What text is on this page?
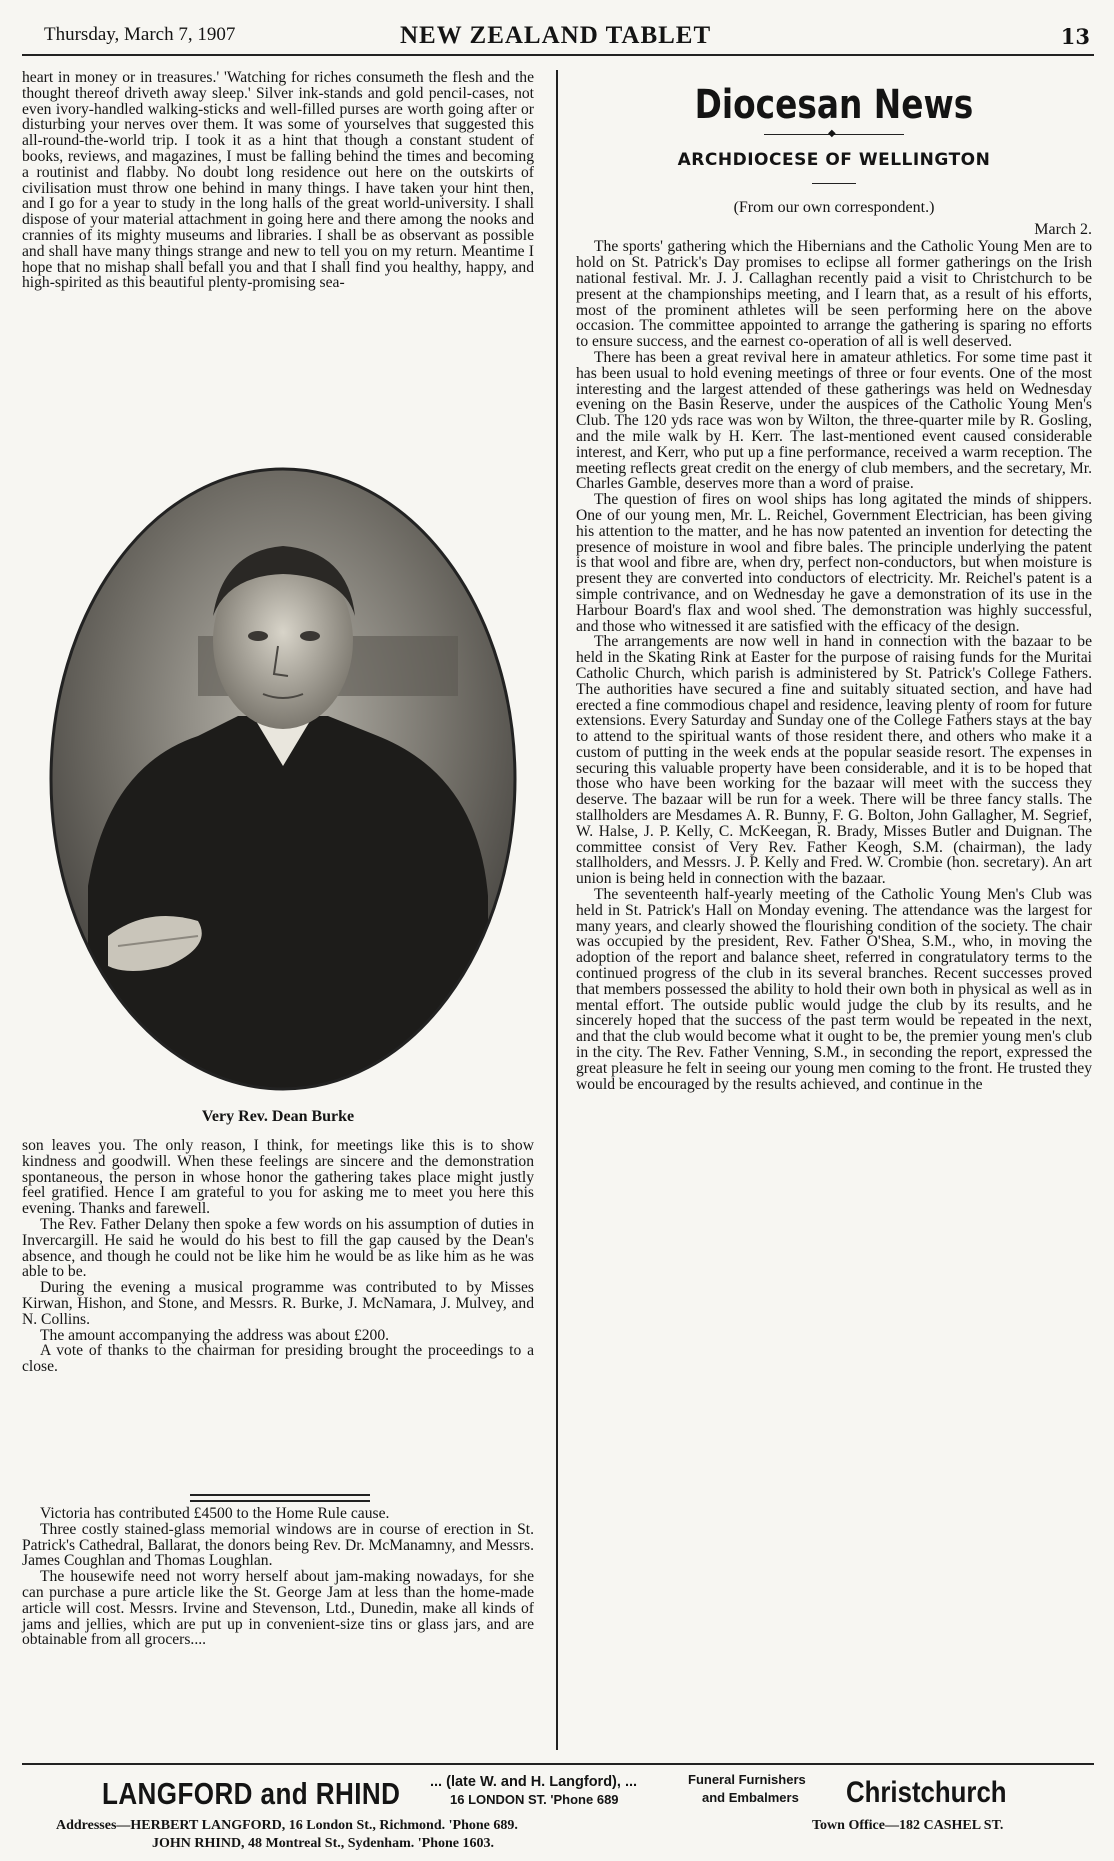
Thursday, March 7, 1907	NEW ZEALAND TABLET	13

heart in money or in treasures.' 'Watching for riches consumeth the flesh and the thought thereof driveth away sleep.' Silver ink-stands and gold pencil-cases, not even ivory-handled walking-sticks and well-filled purses are worth going after or disturbing your nerves over them. It was some of yourselves that suggested this all-round-the-world trip. I took it as a hint that though a constant student of books, reviews, and magazines, I must be falling behind the times and becoming a routinist and flabby. No doubt long residence out here on the outskirts of civilisation must throw one behind in many things. I have taken your hint then, and I go for a year to study in the long halls of the great world-university. I shall dispose of your material attachment in going here and there among the nooks and crannies of its mighty museums and libraries. I shall be as observant as possible and shall have many things strange and new to tell you on my return. Meantime I hope that no mishap shall befall you and that I shall find you healthy, happy, and high-spirited as this beautiful plenty-promising sea-

Very Rev. Dean Burke

son leaves you. The only reason, I think, for meetings like this is to show kindness and goodwill. When these feelings are sincere and the demonstration spontaneous, the person in whose honor the gathering takes place might justly feel gratified. Hence I am grateful to you for asking me to meet you here this evening. Thanks and farewell.

The Rev. Father Delany then spoke a few words on his assumption of duties in Invercargill. He said he would do his best to fill the gap caused by the Dean's absence, and though he could not be like him he would be as like him as he was able to be.

During the evening a musical programme was contributed to by Misses Kirwan, Hishon, and Stone, and Messrs. R. Burke, J. McNamara, J. Mulvey, and N. Collins.

The amount accompanying the address was about £200.

A vote of thanks to the chairman for presiding brought the proceedings to a close.

Victoria has contributed £4500 to the Home Rule cause.

Three costly stained-glass memorial windows are in course of erection in St. Patrick's Cathedral, Ballarat, the donors being Rev. Dr. McManamny, and Messrs. James Coughlan and Thomas Loughlan.

The housewife need not worry herself about jam-making nowadays, for she can purchase a pure article like the St. George Jam at less than the home-made article will cost. Messrs. Irvine and Stevenson, Ltd., Dunedin, make all kinds of jams and jellies, which are put up in convenient-size tins or glass jars, and are obtainable from all grocers....

Diocesan News
◆
ARCHDIOCESE OF WELLINGTON
(From our own correspondent.)
March 2.

The sports' gathering which the Hibernians and the Catholic Young Men are to hold on St. Patrick's Day promises to eclipse all former gatherings on the Irish national festival. Mr. J. J. Callaghan recently paid a visit to Christchurch to be present at the championships meeting, and I learn that, as a result of his efforts, most of the prominent athletes will be seen performing here on the above occasion. The committee appointed to arrange the gathering is sparing no efforts to ensure success, and the earnest co-operation of all is well deserved.

There has been a great revival here in amateur athletics. For some time past it has been usual to hold evening meetings of three or four events. One of the most interesting and the largest attended of these gatherings was held on Wednesday evening on the Basin Reserve, under the auspices of the Catholic Young Men's Club. The 120 yds race was won by Wilton, the three-quarter mile by R. Gosling, and the mile walk by H. Kerr. The last-mentioned event caused considerable interest, and Kerr, who put up a fine performance, received a warm reception. The meeting reflects great credit on the energy of club members, and the secretary, Mr. Charles Gamble, deserves more than a word of praise.

The question of fires on wool ships has long agitated the minds of shippers. One of our young men, Mr. L. Reichel, Government Electrician, has been giving his attention to the matter, and he has now patented an invention for detecting the presence of moisture in wool and fibre bales. The principle underlying the patent is that wool and fibre are, when dry, perfect non-conductors, but when moisture is present they are converted into conductors of electricity. Mr. Reichel's patent is a simple contrivance, and on Wednesday he gave a demonstration of its use in the Harbour Board's flax and wool shed. The demonstration was highly successful, and those who witnessed it are satisfied with the efficacy of the design.

The arrangements are now well in hand in connection with the bazaar to be held in the Skating Rink at Easter for the purpose of raising funds for the Muritai Catholic Church, which parish is administered by St. Patrick's College Fathers. The authorities have secured a fine and suitably situated section, and have had erected a fine commodious chapel and residence, leaving plenty of room for future extensions. Every Saturday and Sunday one of the College Fathers stays at the bay to attend to the spiritual wants of those resident there, and others who make it a custom of putting in the week ends at the popular seaside resort. The expenses in securing this valuable property have been considerable, and it is to be hoped that those who have been working for the bazaar will meet with the success they deserve. The bazaar will be run for a week. There will be three fancy stalls. The stallholders are Mesdames A. R. Bunny, F. G. Bolton, John Gallagher, M. Segrief, W. Halse, J. P. Kelly, C. McKeegan, R. Brady, Misses Butler and Duignan. The committee consist of Very Rev. Father Keogh, S.M. (chairman), the lady stallholders, and Messrs. J. P. Kelly and Fred. W. Crombie (hon. secretary). An art union is being held in connection with the bazaar.

The seventeenth half-yearly meeting of the Catholic Young Men's Club was held in St. Patrick's Hall on Monday evening. The attendance was the largest for many years, and clearly showed the flourishing condition of the society. The chair was occupied by the president, Rev. Father O'Shea, S.M., who, in moving the adoption of the report and balance sheet, referred in congratulatory terms to the continued progress of the club in its several branches. Recent successes proved that members possessed the ability to hold their own both in physical as well as in mental effort. The outside public would judge the club by its results, and he sincerely hoped that the success of the past term would be repeated in the next, and that the club would become what it ought to be, the premier young men's club in the city. The Rev. Father Venning, S.M., in seconding the report, expressed the great pleasure he felt in seeing our young men coming to the front. He trusted they would be encouraged by the results achieved, and continue in the

LANGFORD and RHIND ... (late W. and H. Langford), ...
16 LONDON ST. 'Phone 689
Funeral Furnishers
and Embalmers Christchurch
Addresses—HERBERT LANGFORD, 16 London St., Richmond. 'Phone 689.
JOHN RHIND, 48 Montreal St., Sydenham. 'Phone 1603.
Town Office—182 CASHEL ST.
